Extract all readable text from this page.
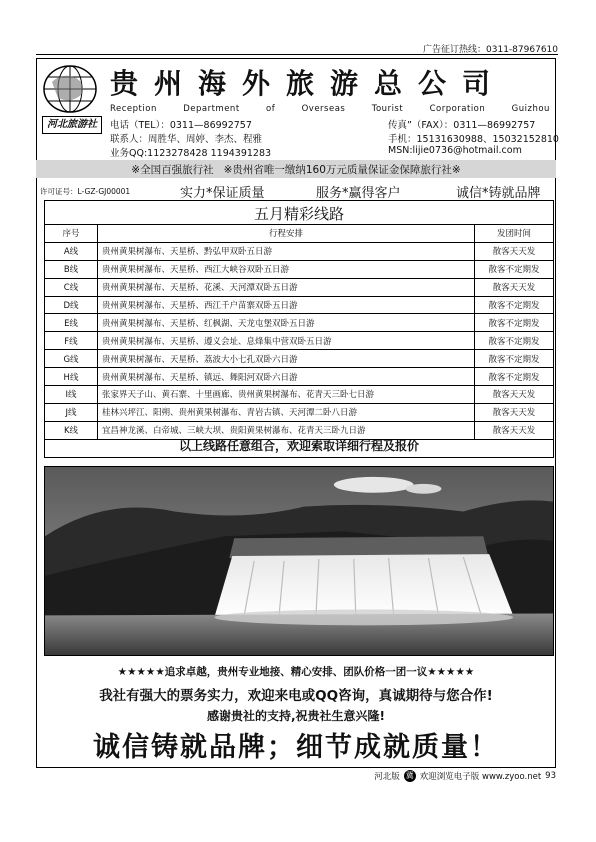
广告征订热线：0311-87967610
河北旅游社
贵州海外旅游总公司
Reception	Department	of	Overseas	Tourist	Corporation	Guizhou
电话（TEL）：0311—86992757	传真”（FAX）：0311—86992757
联系人：周胜华、周婷、李杰、程雅	手机：15131630988、15032152810
业务QQ:1123278428 1194391283	MSN:lijie0736@hotmail.com
※全国百强旅行社 ※贵州省唯一缴纳160万元质量保证金保障旅行社※
许可证号：L-GZ-GJ00001	实力*保证质量	服务*赢得客户	诚信*铸就品牌
五月精彩线路
序号	行程安排	发团时间
A线	贵州黄果树瀑布、天星桥、黔弘甲双卧五日游	散客天天发
B线	贵州黄果树瀑布、天星桥、西江大峡谷双卧五日游	散客不定期发
C线	贵州黄果树瀑布、天星桥、花溪、天河潭双卧五日游	散客天天发
D线	贵州黄果树瀑布、天星桥、西江千户苗寨双卧五日游	散客不定期发
E线	贵州黄果树瀑布、天星桥、红枫湖、天龙屯堡双卧五日游	散客不定期发
F线	贵州黄果树瀑布、天星桥、遵义会址、息烽集中营双卧五日游	散客不定期发
G线	贵州黄果树瀑布、天星桥、荔波大小七孔双卧六日游	散客不定期发
H线	贵州黄果树瀑布、天星桥、镇远、舞阳河双卧六日游	散客不定期发
I线	张家界天子山、黄石寨、十里画廊、贵州黄果树瀑布、花青天三卧七日游	散客天天发
J线	桂林兴坪江、阳朔、贵州黄果树瀑布、青岩古镇、天河潭二卧八日游	散客天天发
K线	宜昌神龙溪、白帝城、三峡大坝、贵阳黄果树瀑布、花青天三卧九日游	散客天天发
以上线路任意组合，欢迎索取详细行程及报价
★★★★★追求卓越，贵州专业地接、精心安排、团队价格一团一议★★★★★
我社有强大的票务实力，欢迎来电或QQ咨询，真诚期待与您合作!
感谢贵社的支持,祝贵社生意兴隆!
诚信铸就品牌；细节成就质量！
河北版 冀 欢迎浏览电子版 www.zyoo.net 93
